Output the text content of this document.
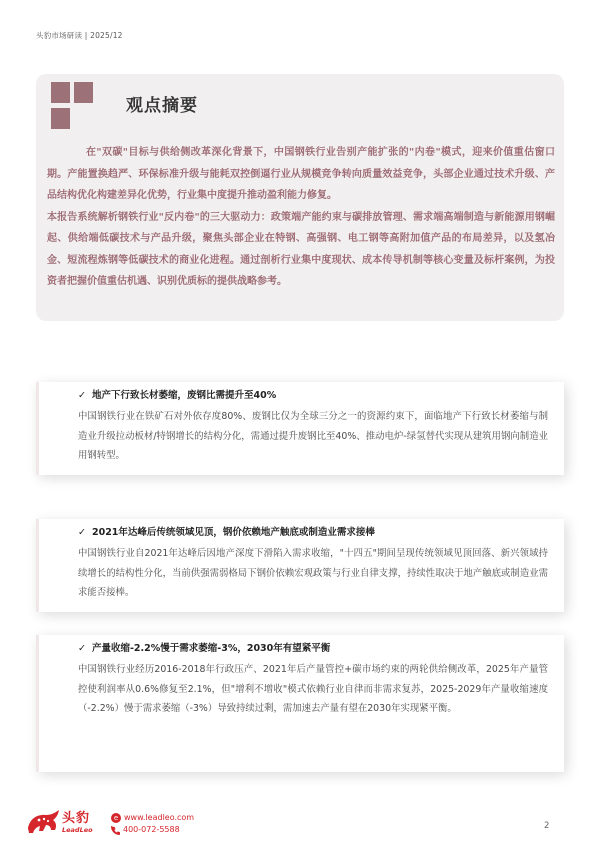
头豹市场研读 | 2025/12
观点摘要

在"双碳"目标与供给侧改革深化背景下，中国钢铁行业告别产能扩张的"内卷"模式，迎来价值重估窗口期。产能置换趋严、环保标准升级与能耗双控倒逼行业从规模竞争转向质量效益竞争，头部企业通过技术升级、产品结构优化构建差异化优势，行业集中度提升推动盈利能力修复。

本报告系统解析钢铁行业"反内卷"的三大驱动力：政策端产能约束与碳排放管理、需求端高端制造与新能源用钢崛起、供给端低碳技术与产品升级，聚焦头部企业在特钢、高强钢、电工钢等高附加值产品的布局差异，以及氢冶金、短流程炼钢等低碳技术的商业化进程。通过剖析行业集中度现状、成本传导机制等核心变量及标杆案例，为投资者把握价值重估机遇、识别优质标的提供战略参考。

✓ 地产下行致长材萎缩，废钢比需提升至40%
中国钢铁行业在铁矿石对外依存度80%、废钢比仅为全球三分之一的资源约束下，面临地产下行致长材萎缩与制造业升级拉动板材/特钢增长的结构分化，需通过提升废钢比至40%、推动电炉-绿氢替代实现从建筑用钢向制造业用钢转型。
✓ 2021年达峰后传统领域见顶，钢价依赖地产触底或制造业需求接棒
中国钢铁行业自2021年达峰后因地产深度下滑陷入需求收缩，"十四五"期间呈现传统领域见顶回落、新兴领域持续增长的结构性分化，当前供强需弱格局下钢价依赖宏观政策与行业自律支撑，持续性取决于地产触底或制造业需求能否接棒。
✓ 产量收缩-2.2%慢于需求萎缩-3%，2030年有望紧平衡
中国钢铁行业经历2016-2018年行政压产、2021年后产量管控+碳市场约束的两轮供给侧改革，2025年产量管控使利润率从0.6%修复至2.1%，但"增利不增收"模式依赖行业自律而非需求复苏，2025-2029年产量收缩速度（-2.2%）慢于需求萎缩（-3%）导致持续过剩，需加速去产量有望在2030年实现紧平衡。
头豹
LeadLeo
e www.leadleo.com
400-072-5588	2
